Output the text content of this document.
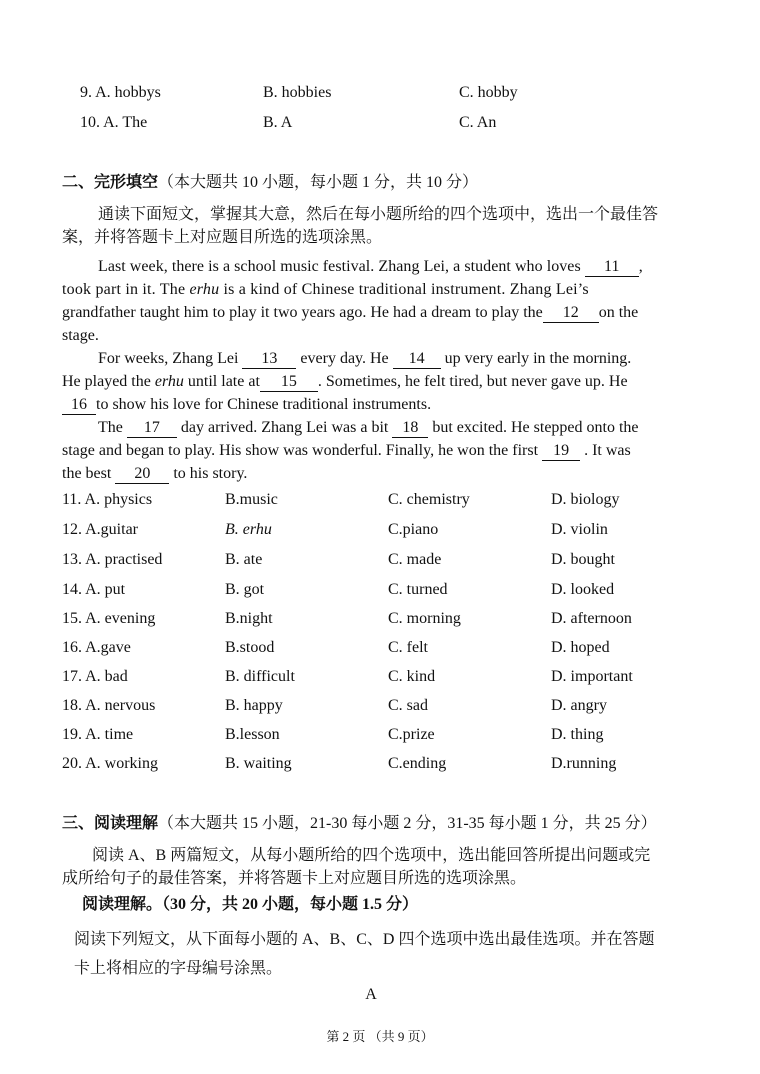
9. A. hobbys	B. hobbies	C. hobby
10. A. The	B. A	C. An
二、完形填空（本大题共 10 小题，每小题 1 分，共 10 分）
通读下面短文，掌握其大意，然后在每小题所给的四个选项中，选出一个最佳答
案，并将答题卡上对应题目所选的选项涂黑。
Last week, there is a school music festival. Zhang Lei, a student who loves 11 ,
took part in it. The erhu is a kind of Chinese traditional instrument. Zhang Lei’s
grandfather taught him to play it two years ago. He had a dream to play the 12 on the
stage.
For weeks, Zhang Lei 13 every day. He 14 up very early in the morning.
He played the erhu until late at 15 . Sometimes, he felt tired, but never gave up. He
16 to show his love for Chinese traditional instruments.
The 17 day arrived. Zhang Lei was a bit 18 but excited. He stepped onto the
stage and began to play. His show was wonderful. Finally, he won the first 19 . It was
the best 20 to his story.
11. A. physics	B.music	C. chemistry	D. biology
12. A.guitar	B. erhu	C.piano	D. violin
13. A. practised	B. ate	C. made	D. bought
14. A. put	B. got	C. turned	D. looked
15. A. evening	B.night	C. morning	D. afternoon
16. A.gave	B.stood	C. felt	D. hoped
17. A. bad	B. difficult	C. kind	D. important
18. A. nervous	B. happy	C. sad	D. angry
19. A. time	B.lesson	C.prize	D. thing
20. A. working	B. waiting	C.ending	D.running
三、阅读理解（本大题共 15 小题，21-30 每小题 2 分，31-35 每小题 1 分，共 25 分）
阅读 A、B 两篇短文，从每小题所给的四个选项中，选出能回答所提出问题或完
成所给句子的最佳答案，并将答题卡上对应题目所选的选项涂黑。
阅读理解。（30 分，共 20 小题，每小题 1.5 分）
阅读下列短文，从下面每小题的 A、B、C、D 四个选项中选出最佳选项。并在答题
卡上将相应的字母编号涂黑。
A
第 2 页 （共 9 页）
